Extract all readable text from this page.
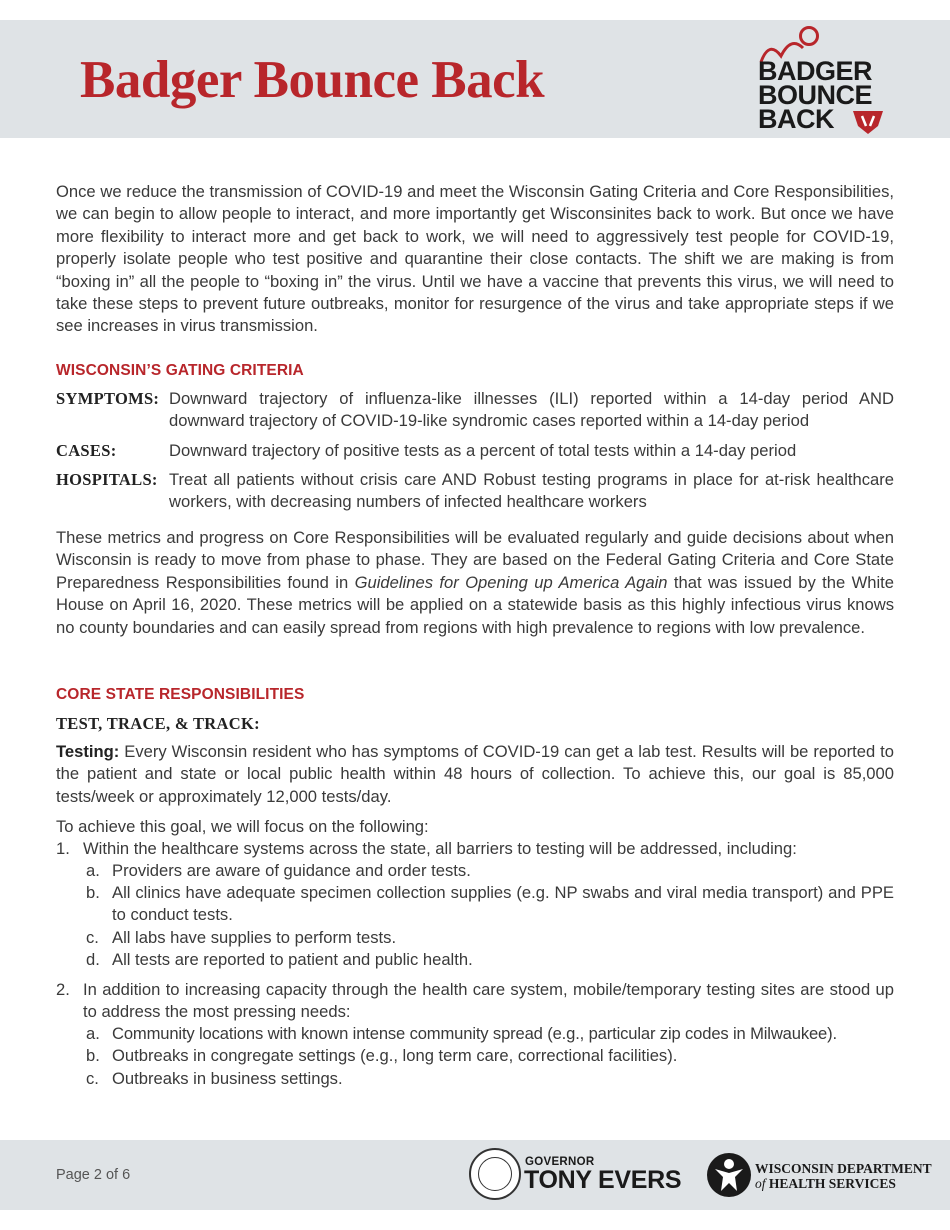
Badger Bounce Back	BADGER
BOUNCE
BACK
Once we reduce the transmission of COVID-19 and meet the Wisconsin Gating Criteria and Core Responsibilities, we can begin to allow people to interact, and more importantly get Wisconsinites back to work. But once we have more flexibility to interact more and get back to work, we will need to aggressively test people for COVID-19, properly isolate people who test positive and quarantine their close contacts. The shift we are making is from “boxing in” all the people to “boxing in” the virus. Until we have a vaccine that prevents this virus, we will need to take these steps to prevent future outbreaks, monitor for resurgence of the virus and take appropriate steps if we see increases in virus transmission.
WISCONSIN’S GATING CRITERIA
SYMPTOMS: Downward trajectory of influenza-like illnesses (ILI) reported within a 14-day period AND downward trajectory of COVID-19-like syndromic cases reported within a 14-day period
CASES:	Downward trajectory of positive tests as a percent of total tests within a 14-day period
HOSPITALS: Treat all patients without crisis care AND Robust testing programs in place for at-risk healthcare workers, with decreasing numbers of infected healthcare workers
These metrics and progress on Core Responsibilities will be evaluated regularly and guide decisions about when Wisconsin is ready to move from phase to phase. They are based on the Federal Gating Criteria and Core State Preparedness Responsibilities found in Guidelines for Opening up America Again that was issued by the White House on April 16, 2020. These metrics will be applied on a statewide basis as this highly infectious virus knows no county boundaries and can easily spread from regions with high prevalence to regions with low prevalence.
CORE STATE RESPONSIBILITIES
TEST, TRACE, & TRACK:
Testing: Every Wisconsin resident who has symptoms of COVID-19 can get a lab test. Results will be reported to the patient and state or local public health within 48 hours of collection. To achieve this, our goal is 85,000 tests/week or approximately 12,000 tests/day.
To achieve this goal, we will focus on the following:
1. Within the healthcare systems across the state, all barriers to testing will be addressed, including:
a. Providers are aware of guidance and order tests.
b. All clinics have adequate specimen collection supplies (e.g. NP swabs and viral media transport) and PPE to conduct tests.
c. All labs have supplies to perform tests.
d. All tests are reported to patient and public health.
2. In addition to increasing capacity through the health care system, mobile/temporary testing sites are stood up to address the most pressing needs:
a. Community locations with known intense community spread (e.g., particular zip codes in Milwaukee).
b. Outbreaks in congregate settings (e.g., long term care, correctional facilities).
c. Outbreaks in business settings.
Page 2 of 6
GOVERNOR
TONY EVERS	WISCONSIN DEPARTMENT
of HEALTH SERVICES
